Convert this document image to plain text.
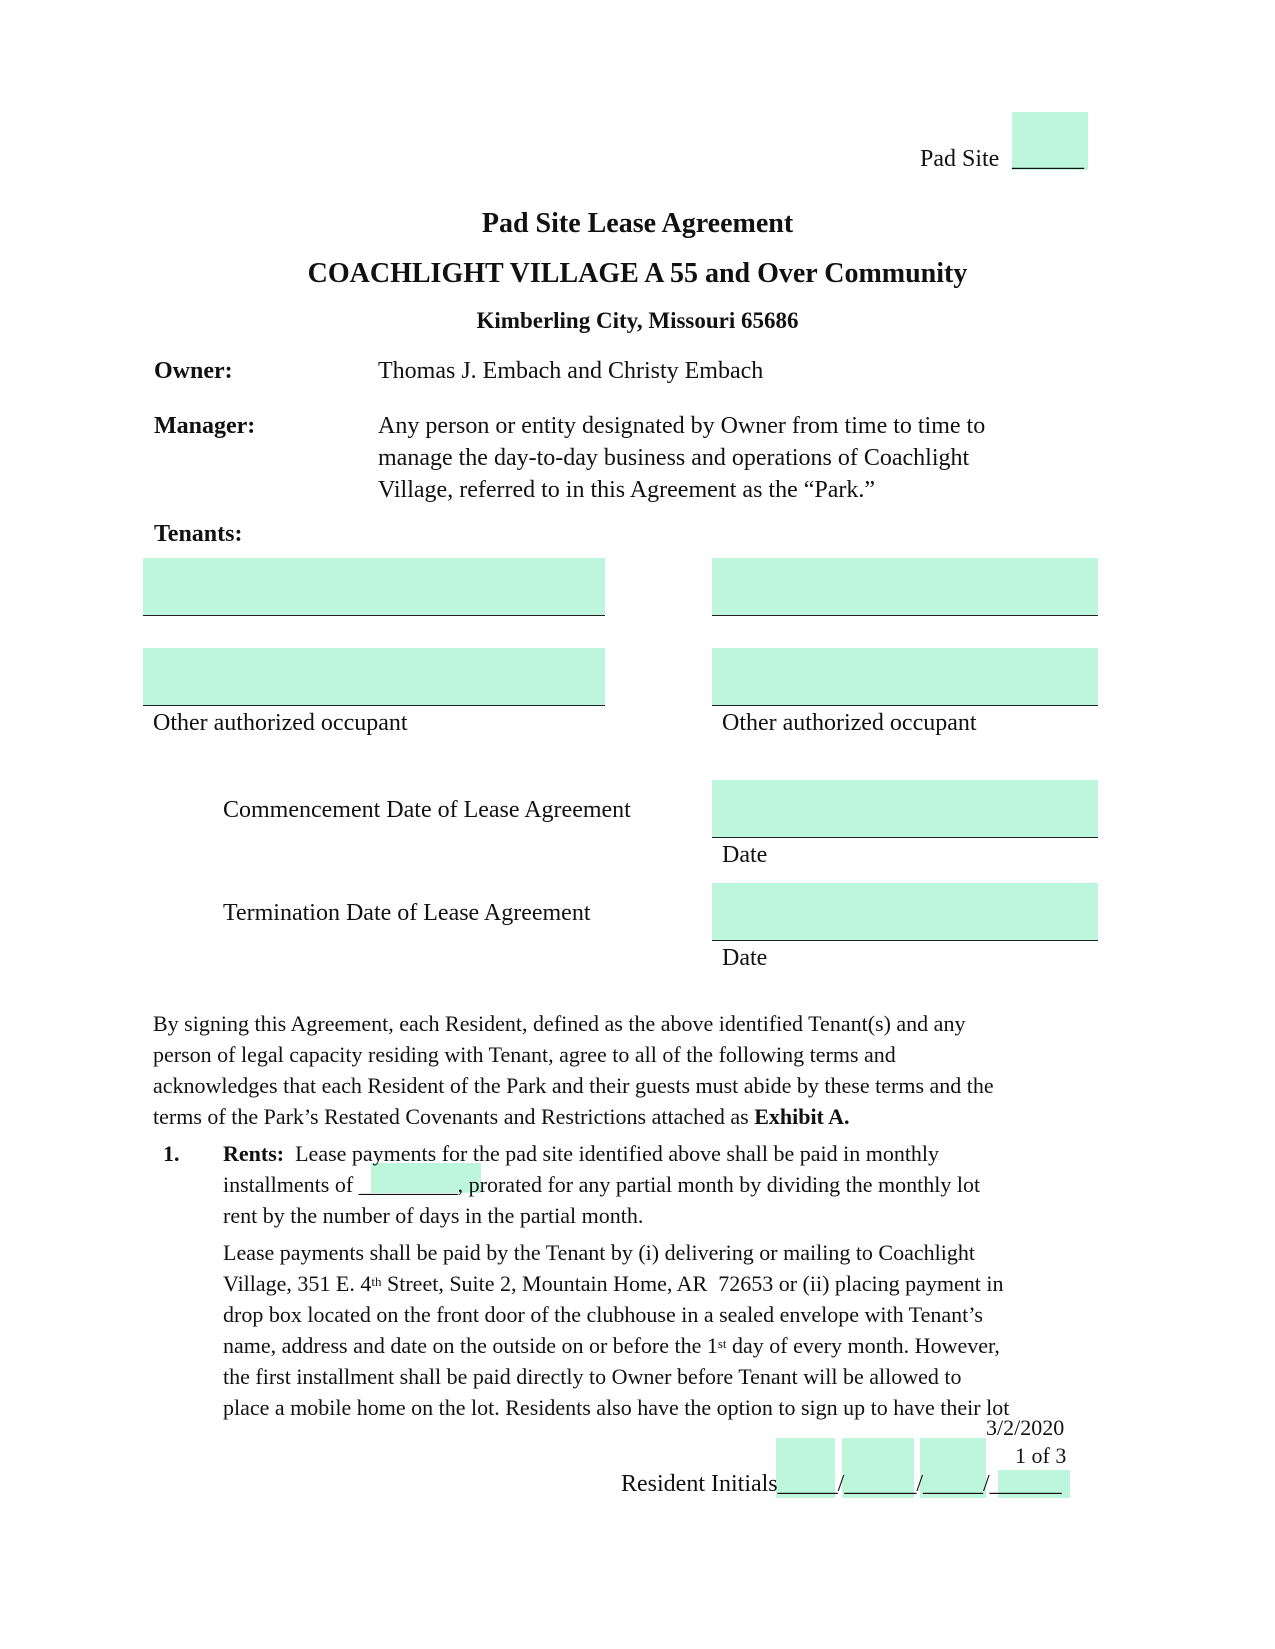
Pad Site ______
Pad Site Lease Agreement
COACHLIGHT VILLAGE A 55 and Over Community
Kimberling City, Missouri 65686
Owner:	Thomas J. Embach and Christy Embach
Manager:	Any person or entity designated by Owner from time to time to
manage the day-to-day business and operations of Coachlight
Village, referred to in this Agreement as the “Park.”
Tenants:
Other authorized occupant	Other authorized occupant
Commencement Date of Lease Agreement
Date
Termination Date of Lease Agreement
Date
By signing this Agreement, each Resident, defined as the above identified Tenant(s) and any
person of legal capacity residing with Tenant, agree to all of the following terms and
acknowledges that each Resident of the Park and their guests must abide by these terms and the
terms of the Park’s Restated Covenants and Restrictions attached as Exhibit A.
1. Rents:  Lease payments for the pad site identified above shall be paid in monthly
installments of _________, prorated for any partial month by dividing the monthly lot
rent by the number of days in the partial month.
Lease payments shall be paid by the Tenant by (i) delivering or mailing to Coachlight
Village, 351 E. 4th Street, Suite 2, Mountain Home, AR  72653 or (ii) placing payment in
drop box located on the front door of the clubhouse in a sealed envelope with Tenant’s
name, address and date on the outside on or before the 1st day of every month. However,
the first installment shall be paid directly to Owner before Tenant will be allowed to
place a mobile home on the lot. Residents also have the option to sign up to have their lot
3/2/2020
1 of 3
Resident Initials_____/______/_____/______
